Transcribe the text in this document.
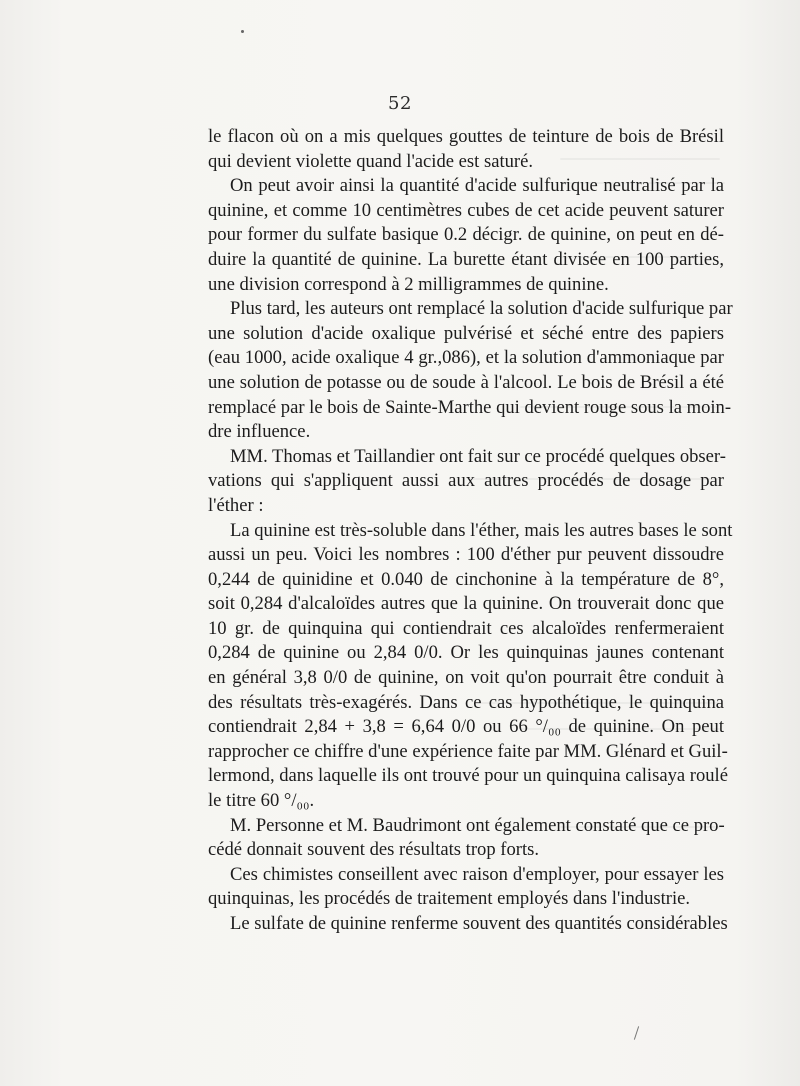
52
le flacon où on a mis quelques gouttes de teinture de bois de Brésil
qui devient violette quand l'acide est saturé.
On peut avoir ainsi la quantité d'acide sulfurique neutralisé par la
quinine, et comme 10 centimètres cubes de cet acide peuvent saturer
pour former du sulfate basique 0.2 décigr. de quinine, on peut en dé-
duire la quantité de quinine. La burette étant divisée en 100 parties,
une division correspond à 2 milligrammes de quinine.
Plus tard, les auteurs ont remplacé la solution d'acide sulfurique par
une solution d'acide oxalique pulvérisé et séché entre des papiers
(eau 1000, acide oxalique 4 gr.,086), et la solution d'ammoniaque par
une solution de potasse ou de soude à l'alcool. Le bois de Brésil a été
remplacé par le bois de Sainte-Marthe qui devient rouge sous la moin-
dre influence.
MM. Thomas et Taillandier ont fait sur ce procédé quelques obser-
vations qui s'appliquent aussi aux autres procédés de dosage par
l'éther :
La quinine est très-soluble dans l'éther, mais les autres bases le sont
aussi un peu. Voici les nombres : 100 d'éther pur peuvent dissoudre
0,244 de quinidine et 0.040 de cinchonine à la température de 8°,
soit 0,284 d'alcaloïdes autres que la quinine. On trouverait donc que
10 gr. de quinquina qui contiendrait ces alcaloïdes renfermeraient
0,284 de quinine ou 2,84 0/0. Or les quinquinas jaunes contenant
en général 3,8 0/0 de quinine, on voit qu'on pourrait être conduit à
des résultats très-exagérés. Dans ce cas hypothétique, le quinquina
contiendrait 2,84 + 3,8 = 6,64 0/0 ou 66 °/₀₀ de quinine. On peut
rapprocher ce chiffre d'une expérience faite par MM. Glénard et Guil-
lermond, dans laquelle ils ont trouvé pour un quinquina calisaya roulé
le titre 60 °/₀₀.
M. Personne et M. Baudrimont ont également constaté que ce pro-
cédé donnait souvent des résultats trop forts.
Ces chimistes conseillent avec raison d'employer, pour essayer les
quinquinas, les procédés de traitement employés dans l'industrie.
Le sulfate de quinine renferme souvent des quantités considérables
